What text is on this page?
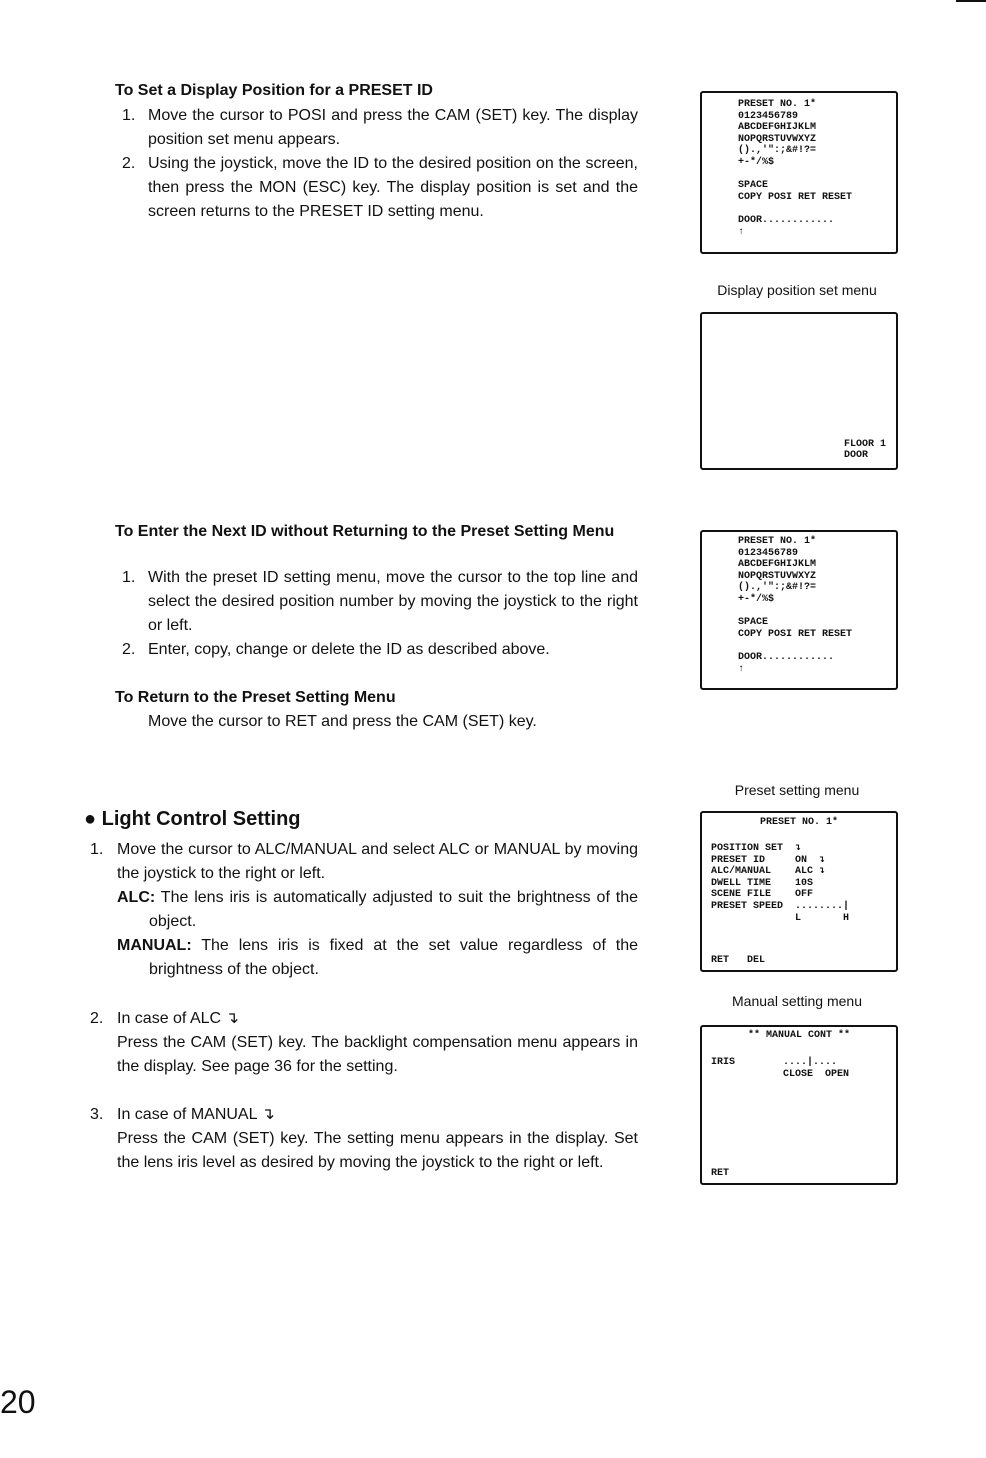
To Set a Display Position for a PRESET ID
1. Move the cursor to POSI and press the CAM (SET) key. The display position set menu appears.
2. Using the joystick, move the ID to the desired position on the screen, then press the MON (ESC) key. The display position is set and the screen returns to the PRESET ID setting menu.
To Enter the Next ID without Returning to the Preset Setting Menu
1. With the preset ID setting menu, move the cursor to the top line and select the desired position number by moving the joystick to the right or left.
2. Enter, copy, change or delete the ID as described above.
To Return to the Preset Setting Menu
Move the cursor to RET and press the CAM (SET) key.
● Light Control Setting
1. Move the cursor to ALC/MANUAL and select ALC or MANUAL by moving the joystick to the right or left.
ALC: The lens iris is automatically adjusted to suit the brightness of the object.
MANUAL: The lens iris is fixed at the set value regardless of the brightness of the object.
2. In case of ALC ↴
Press the CAM (SET) key. The backlight compensation menu appears in the display. See page 36 for the setting.
3. In case of MANUAL ↴
Press the CAM (SET) key. The setting menu appears in the display. Set the lens iris level as desired by moving the joystick to the right or left.
PRESET NO. 1*
0123456789
ABCDEFGHIJKLM
NOPQRSTUVWXYZ
().,'":;&#!?=
+-*/%$

SPACE
COPY POSI RET RESET

DOOR............
↑
Display position set menu
FLOOR 1
DOOR
PRESET NO. 1*
0123456789
ABCDEFGHIJKLM
NOPQRSTUVWXYZ
().,'":;&#!?=
+-*/%$

SPACE
COPY POSI RET RESET

DOOR............
↑
Preset setting menu

PRESET NO. 1*

POSITION SET  ↴
PRESET ID     ON  ↴
ALC/MANUAL    ALC ↴
DWELL TIME    10S
SCENE FILE    OFF
PRESET SPEED  ........|
L       H

RET   DEL

Manual setting menu

** MANUAL CONT **

IRIS        ....|....
CLOSE  OPEN

RET

20
